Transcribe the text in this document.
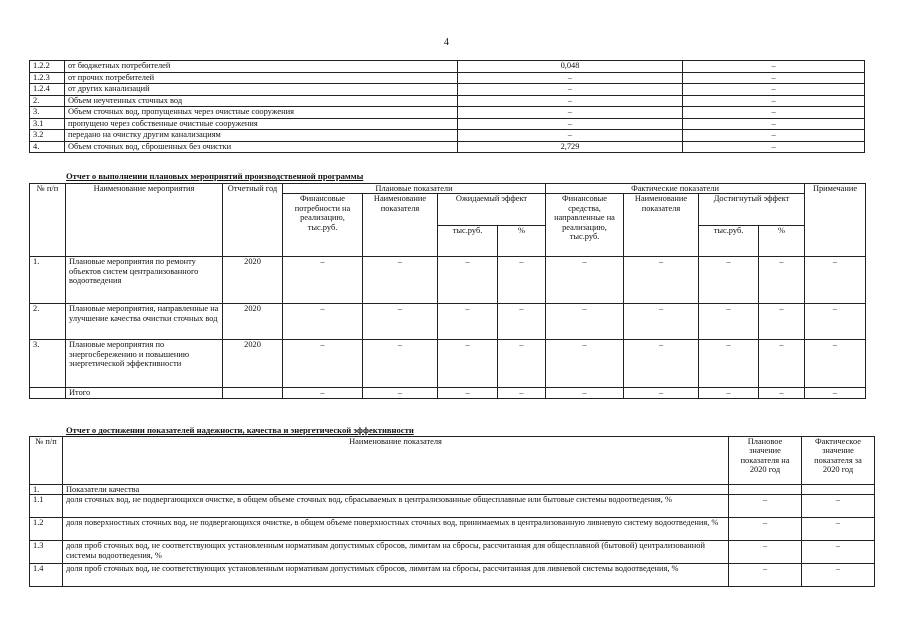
4
1.2.2	от бюджетных потребителей	0,048	–
1.2.3	от прочих потребителей	–	–
1.2.4	от других канализаций	–	–
2.	Объем неучтенных сточных вод	–	–
3.	Объем сточных вод, пропущенных через очистные сооружения	–	–
3.1	пропущено через собственные очистные сооружения	–	–
3.2	передано на очистку другим канализациям	–	–
4.	Объем сточных вод, сброшенных без очистки	2,729	–
Отчет о выполнении плановых мероприятий производственной программы
№ п/п	Наименование мероприятия	Отчетный год	Плановые показатели				Фактические показатели				Примечание
			Финансовые потребности на реализацию, тыс.руб.	Наименование показателя	Ожидаемый эффект		Финансовые средства, направленные на реализацию, тыс.руб.	Наименование показателя	Достигнутый эффект		
					тыс.руб.	%			тыс.руб.	%	
1.	Плановые мероприятия по ремонту объектов систем централизованного водоотведения	2020	–	–	–	–	–	–	–	–	–
2.	Плановые мероприятия, направленные на улучшение качества очистки сточных вод	2020	–	–	–	–	–	–	–	–	–
3.	Плановые мероприятия по энергосбережению и повышению энергетической эффективности	2020	–	–	–	–	–	–	–	–	–
	Итого		–	–	–	–	–	–	–	–	–
Отчет о достижении показателей надежности, качества и энергетической эффективности
№ п/п	Наименование показателя	Плановое значение показателя на 2020 год	Фактическое значение показателя за 2020 год
1.	Показатели качества		
1.1	доля сточных вод, не подвергающихся очистке, в общем объеме сточных вод, сбрасываемых в централизованные общесплавные или бытовые системы водоотведения, %	–	–
1.2	доля поверхностных сточных вод, не подвергающихся очистке, в общем объеме поверхностных сточных вод, принимаемых в централизованную ливневую систему водоотведения, %	–	–
1.3	доля проб сточных вод, не соответствующих установленным нормативам допустимых сбросов, лимитам на сбросы, рассчитанная для общесплавной (бытовой) централизованной системы водоотведения, %	–	–
1.4	доля проб сточных вод, не соответствующих установленным нормативам допустимых сбросов, лимитам на сбросы, рассчитанная для ливневой системы водоотведения, %	–	–
